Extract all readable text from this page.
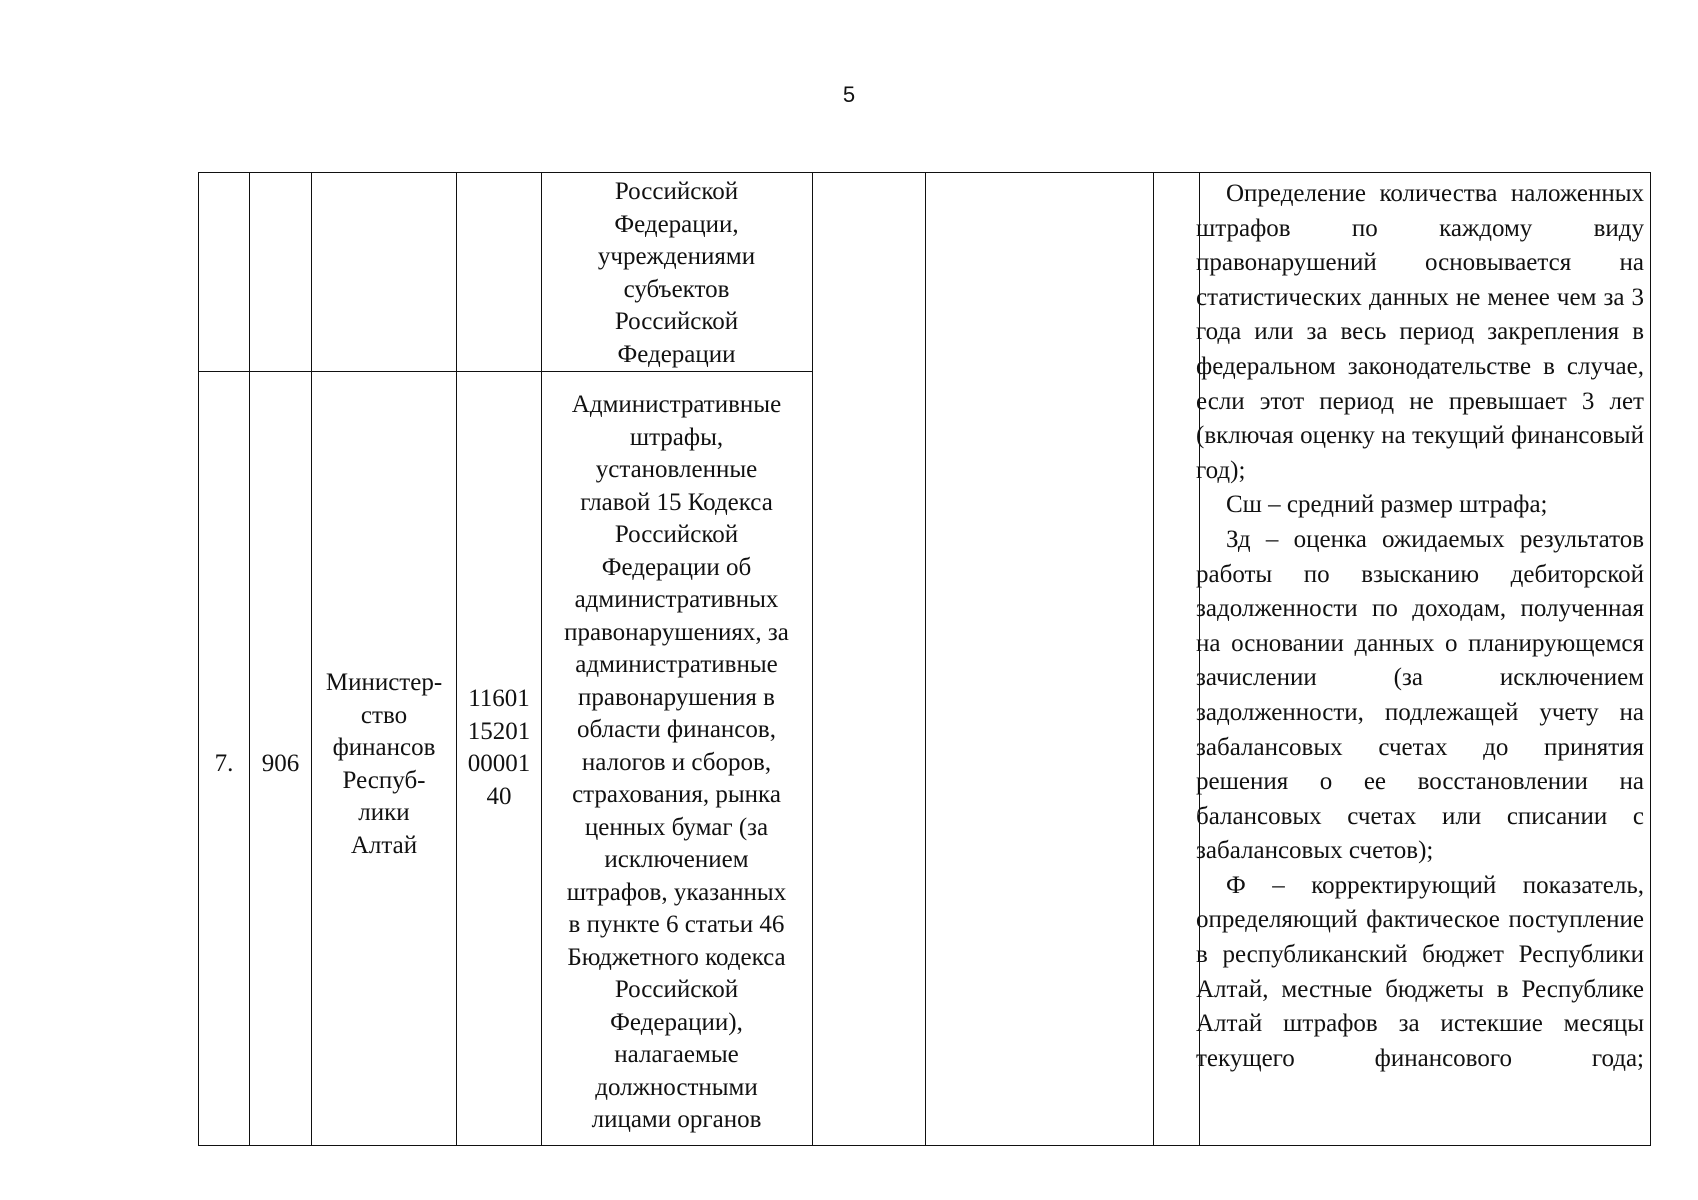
5
Российской
Федерации,
учреждениями
субъектов
Российской
Федерации
7.	906
Министер-
ство
финансов
Респуб-
лики
Алтай
11601
15201
00001
40
Административные
штрафы,
установленные
главой 15 Кодекса
Российской
Федерации об
административных
правонарушениях, за
административные
правонарушения в
области финансов,
налогов и сборов,
страхования, рынка
ценных бумаг (за
исключением
штрафов, указанных
в пункте 6 статьи 46
Бюджетного кодекса
Российской
Федерации),
налагаемые
должностными
лицами органов

Определение количества наложенных штрафов по каждому виду правонарушений основывается на статистических данных не менее чем за 3 года или за весь период закрепления в федеральном законодательстве в случае, если этот период не превышает 3 лет (включая оценку на текущий финансовый год);

Сш – средний размер штрафа;

Зд – оценка ожидаемых результатов работы по взысканию дебиторской задолженности по доходам, полученная на основании данных о планирующемся зачислении (за исключением задолженности, подлежащей учету на забалансовых счетах до принятия решения о ее восстановлении на балансовых счетах или списании с забалансовых счетов);

Ф – корректирующий показатель, определяющий фактическое поступление в республиканский бюджет Республики Алтай, местные бюджеты в Республике Алтай штрафов за истекшие месяцы текущего финансового года;
